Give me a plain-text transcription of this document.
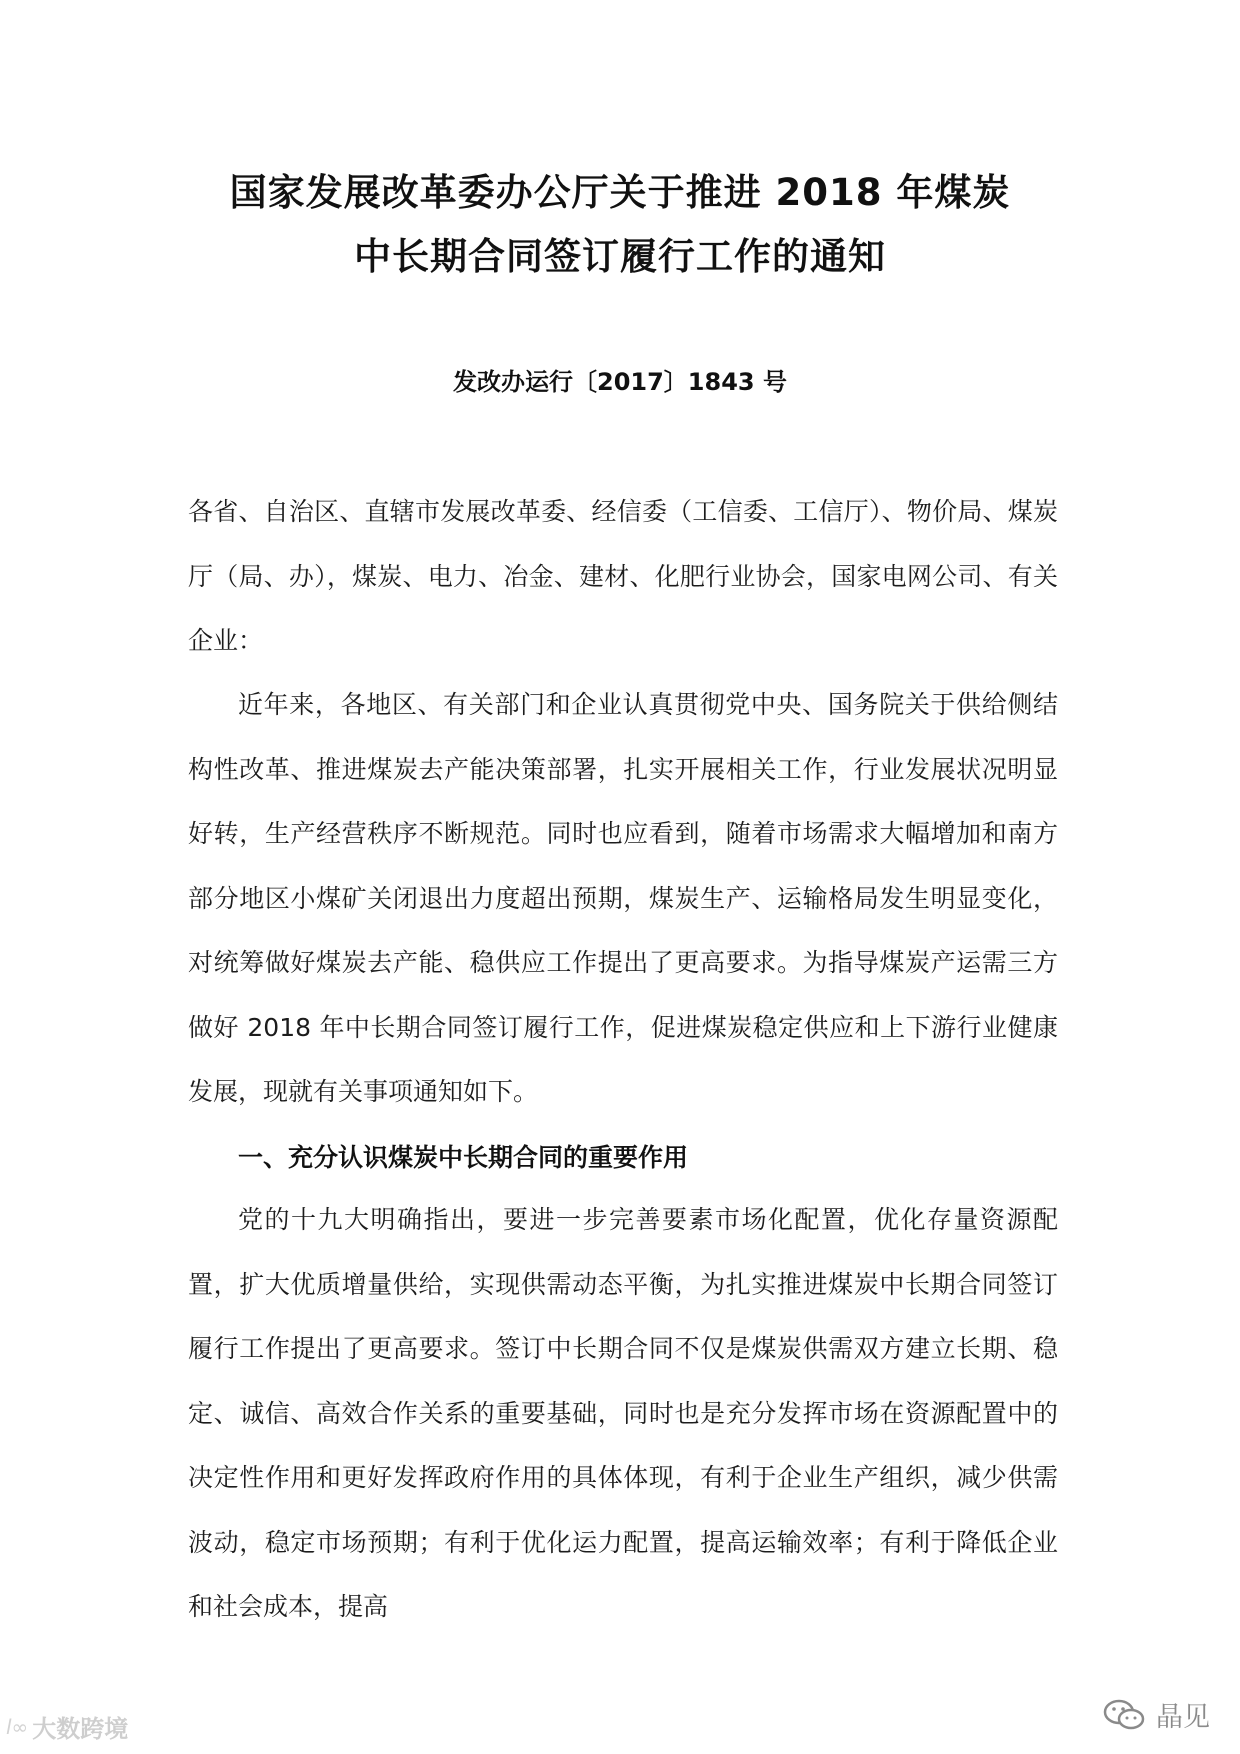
国家发展改革委办公厅关于推进 2018 年煤炭
中长期合同签订履行工作的通知
发改办运行〔2017〕1843 号

各省、自治区、直辖市发展改革委、经信委（工信委、工信厅）、物价局、煤炭厅（局、办），煤炭、电力、冶金、建材、化肥行业协会，国家电网公司、有关企业：

近年来，各地区、有关部门和企业认真贯彻党中央、国务院关于供给侧结构性改革、推进煤炭去产能决策部署，扎实开展相关工作，行业发展状况明显好转，生产经营秩序不断规范。同时也应看到，随着市场需求大幅增加和南方部分地区小煤矿关闭退出力度超出预期，煤炭生产、运输格局发生明显变化，对统筹做好煤炭去产能、稳供应工作提出了更高要求。为指导煤炭产运需三方做好 2018 年中长期合同签订履行工作，促进煤炭稳定供应和上下游行业健康发展，现就有关事项通知如下。

一、充分认识煤炭中长期合同的重要作用

党的十九大明确指出，要进一步完善要素市场化配置，优化存量资源配置，扩大优质增量供给，实现供需动态平衡，为扎实推进煤炭中长期合同签订履行工作提出了更高要求。签订中长期合同不仅是煤炭供需双方建立长期、稳定、诚信、高效合作关系的重要基础，同时也是充分发挥市场在资源配置中的决定性作用和更好发挥政府作用的具体体现，有利于企业生产组织，减少供需波动，稳定市场预期；有利于优化运力配置，提高运输效率；有利于降低企业和社会成本，提高

l∞ 大数跨境	晶见
